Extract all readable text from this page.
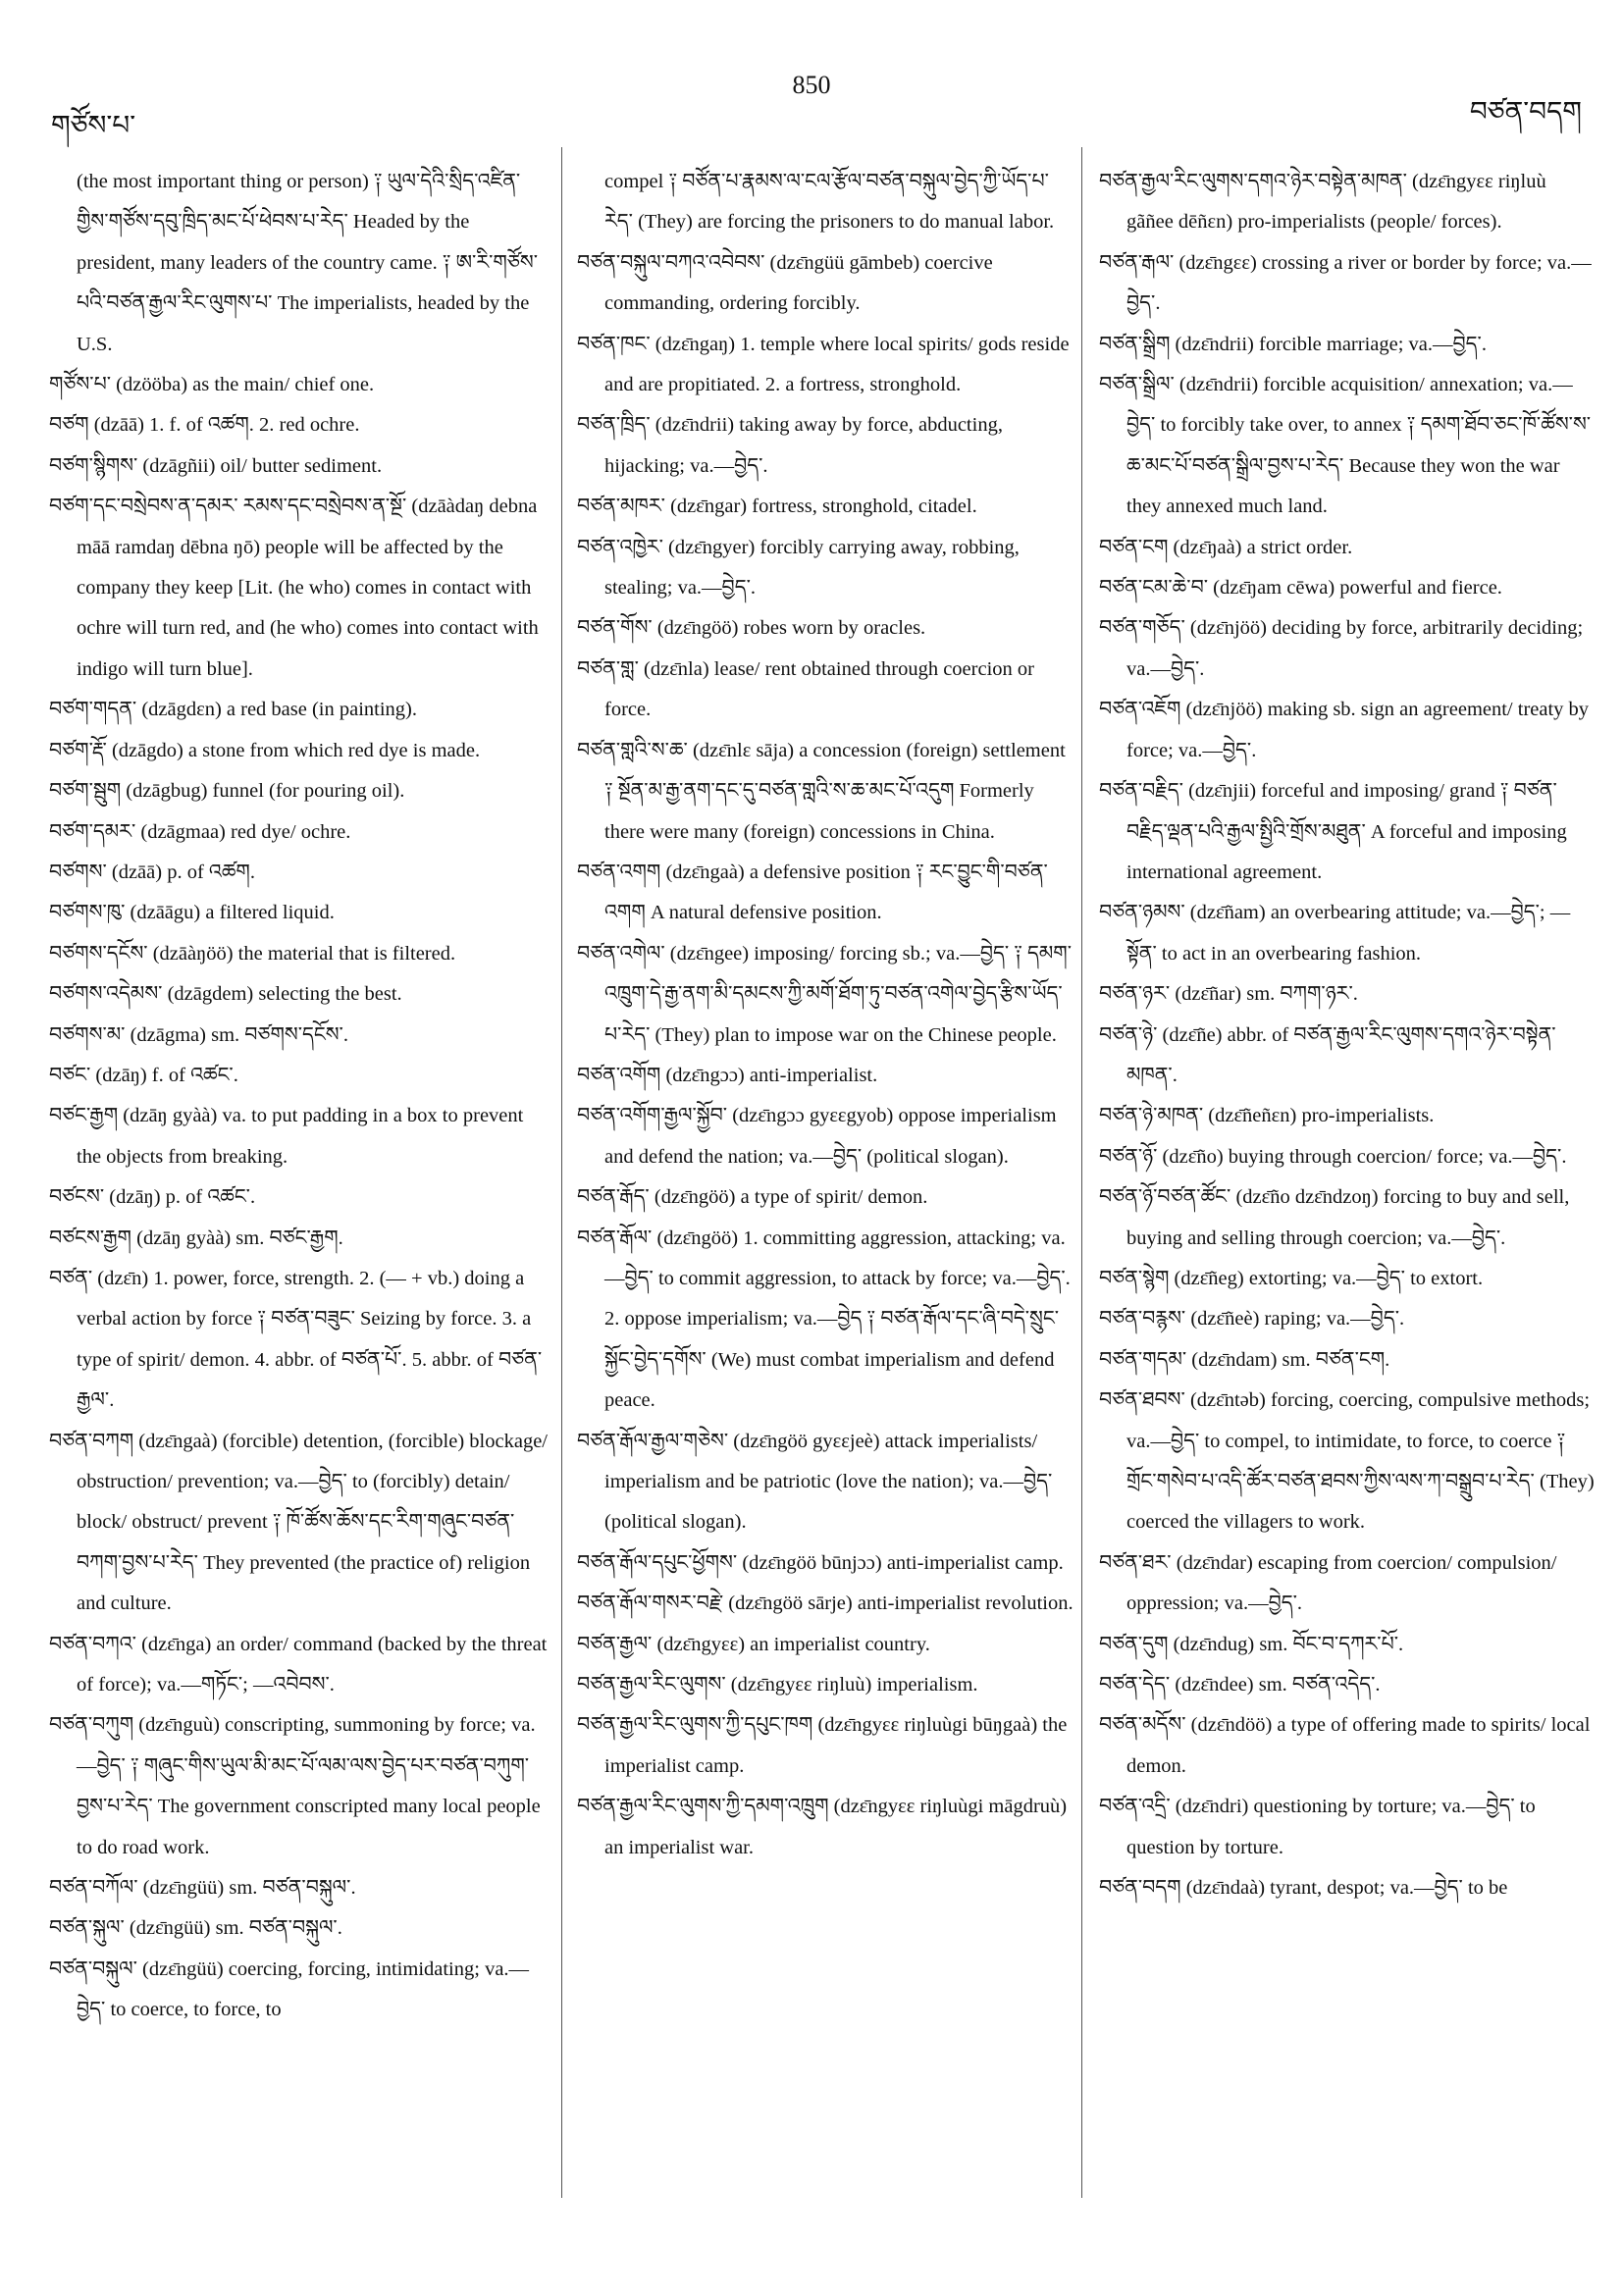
གཙོས་པ་
850
བཙན་བདག

(the most important thing or person) ༑ ཡུལ་དེའི་སྲིད་འཛིན་གྱིས་གཙོས་དབུ་ཁྲིད་མང་པོ་ཕེབས་པ་རེད་ Headed by the president, many leaders of the country came. ༑ ཨ་རི་གཙོས་པའི་བཙན་རྒྱལ་རིང་ལུགས་པ་ The imperialists, headed by the U.S.

གཙོས་པ་ (dzööba) as the main/ chief one.

བཙག (dzāā) 1. f. of འཚག. 2. red ochre.

བཙག་སྙིགས་ (dzāgñii) oil/ butter sediment.

བཙག་དང་བསྲེབས་ན་དམར་ རམས་དང་བསྲེབས་ན་སྔོ་ (dzāàdaŋ debna māā ramdaŋ dēbna ŋō) people will be affected by the company they keep [Lit. (he who) comes in contact with ochre will turn red, and (he who) comes into contact with indigo will turn blue].

བཙག་གདན་ (dzāgdɛn) a red base (in painting).

བཙག་རྡོ་ (dzāgdo) a stone from which red dye is made.

བཙག་སྦུག (dzāgbug) funnel (for pouring oil).

བཙག་དམར་ (dzāgmaa) red dye/ ochre.

བཙགས་ (dzāā) p. of འཚག.

བཙགས་ཁུ་ (dzāāgu) a filtered liquid.

བཙགས་དངོས་ (dzāàŋöö) the material that is filtered.

བཙགས་འདེམས་ (dzāgdem) selecting the best.

བཙགས་མ་ (dzāgma) sm. བཙགས་དངོས་.

བཙང་ (dzāŋ) f. of འཚང་.

བཙང་རྒྱག (dzāŋ gyàà) va. to put padding in a box to prevent the objects from breaking.

བཙངས་ (dzāŋ) p. of འཚང་.

བཙངས་རྒྱག (dzāŋ gyàà) sm. བཙང་རྒྱག.

བཙན་ (dzɛ̄n) 1. power, force, strength. 2. (— + vb.) doing a verbal action by force ༑ བཙན་བཟུང་ Seizing by force. 3. a type of spirit/ demon. 4. abbr. of བཙན་པོ་. 5. abbr. of བཙན་རྒྱལ་.

བཙན་བཀག (dzɛ̄ngaà) (forcible) detention, (forcible) blockage/ obstruction/ prevention; va.—བྱེད་ to (forcibly) detain/ block/ obstruct/ prevent ༑ ཁོ་ཚོས་ཆོས་དང་རིག་གཞུང་བཙན་བཀག་བྱས་པ་རེད་ They prevented (the practice of) religion and culture.

བཙན་བཀའ་ (dzɛ̄nga) an order/ command (backed by the threat of force); va.—གཏོང་; —འབེབས་.

བཙན་བཀུག (dzɛ̄nguù) conscripting, summoning by force; va.—བྱེད་ ༑ གཞུང་གིས་ཡུལ་མི་མང་པོ་ལམ་ལས་བྱེད་པར་བཙན་བཀུག་བྱས་པ་རེད་ The government conscripted many local people to do road work.

བཙན་བཀོལ་ (dzɛ̄ngüü) sm. བཙན་བསྐུལ་.

བཙན་སྐུལ་ (dzɛ̄ngüü) sm. བཙན་བསྐུལ་.

བཙན་བསྐུལ་ (dzɛ̄ngüü) coercing, forcing, intimidating; va.—བྱེད་ to coerce, to force, to

compel ༑ བཙོན་པ་རྣམས་ལ་ངལ་རྩོལ་བཙན་བསྐུལ་བྱེད་ཀྱི་ཡོད་པ་རེད་ (They) are forcing the prisoners to do manual labor.

བཙན་བསྐུལ་བཀའ་འབེབས་ (dzɛ̄ngüü gāmbeb) coercive commanding, ordering forcibly.

བཙན་ཁང་ (dzɛ̄ngaŋ) 1. temple where local spirits/ gods reside and are propitiated. 2. a fortress, stronghold.

བཙན་ཁྲིད་ (dzɛ̄ndrii) taking away by force, abducting, hijacking; va.—བྱེད་.

བཙན་མཁར་ (dzɛ̄ngar) fortress, stronghold, citadel.

བཙན་འཁྱེར་ (dzɛ̄ngyer) forcibly carrying away, robbing, stealing; va.—བྱེད་.

བཙན་གོས་ (dzɛ̄ngöö) robes worn by oracles.

བཙན་གླ་ (dzɛ̄nla) lease/ rent obtained through coercion or force.

བཙན་གླའི་ས་ཆ་ (dzɛ̄nlɛ sāja) a concession (foreign) settlement ༑ སྔོན་མ་རྒྱ་ནག་དང་དུ་བཙན་གླའི་ས་ཆ་མང་པོ་འདུག Formerly there were many (foreign) concessions in China.

བཙན་འགག (dzɛ̄ngaà) a defensive position ༑ རང་བྱུང་གི་བཙན་འགག A natural defensive position.

བཙན་འགེལ་ (dzɛ̄ngee) imposing/ forcing sb.; va.—བྱེད་ ༑ དམག་འཁྲུག་དེ་རྒྱ་ནག་མི་དམངས་ཀྱི་མགོ་ཐོག་ཏུ་བཙན་འགེལ་བྱེད་རྩིས་ཡོད་པ་རེད་ (They) plan to impose war on the Chinese people.

བཙན་འགོག (dzɛ̄ngɔɔ) anti-imperialist.

བཙན་འགོག་རྒྱལ་སྐྱོབ་ (dzɛ̄ngɔɔ gyɛɛgyob) oppose imperialism and defend the nation; va.—བྱེད་ (political slogan).

བཙན་རྒོད་ (dzɛ̄ngöö) a type of spirit/ demon.

བཙན་རྒོལ་ (dzɛ̄ngöö) 1. committing aggression, attacking; va.—བྱེད་ to commit aggression, to attack by force; va.—བྱེད་. 2. oppose imperialism; va.—བྱེད ༑ བཙན་རྒོལ་དང་ཞི་བདེ་སྲུང་སྐྱོང་བྱེད་དགོས་ (We) must combat imperialism and defend peace.

བཙན་རྒོལ་རྒྱལ་གཅེས་ (dzɛ̄ngöö gyɛɛjeè) attack imperialists/ imperialism and be patriotic (love the nation); va.—བྱེད་ (political slogan).

བཙན་རྒོལ་དཔུང་ཕྱོགས་ (dzɛ̄ngöö būnjɔɔ) anti-imperialist camp.

བཙན་རྒོལ་གསར་བརྗེ་ (dzɛ̄ngöö sārje) anti-imperialist revolution.

བཙན་རྒྱལ་ (dzɛ̄ngyɛɛ) an imperialist country.

བཙན་རྒྱལ་རིང་ལུགས་ (dzɛ̄ngyɛɛ riŋluù) imperialism.

བཙན་རྒྱལ་རིང་ལུགས་ཀྱི་དཔུང་ཁག (dzɛ̄ngyɛɛ riŋluùgi būŋgaà) the imperialist camp.

བཙན་རྒྱལ་རིང་ལུགས་ཀྱི་དམག་འཁྲུག (dzɛ̄ngyɛɛ riŋluùgi māgdruù) an imperialist war.

བཙན་རྒྱལ་རིང་ལུགས་དགའ་ཉེར་བསྟེན་མཁན་ (dzɛ̄ngyɛɛ riŋluù gãñee dēñɛn) pro-imperialists (people/ forces).

བཙན་རྒལ་ (dzɛ̄ngɛɛ) crossing a river or border by force; va.—བྱེད་.

བཙན་སྒྲིག (dzɛ̄ndrii) forcible marriage; va.—བྱེད་.

བཙན་སྒྲིལ་ (dzɛ̄ndrii) forcible acquisition/ annexation; va.—བྱེད་ to forcibly take over, to annex ༑ དམག་ཐོབ་ཅང་ཁོ་ཚོས་ས་ཆ་མང་པོ་བཙན་སྒྲིལ་བྱས་པ་རེད་ Because they won the war they annexed much land.

བཙན་ངག (dzɛ̄ŋaà) a strict order.

བཙན་ངམ་ཆེ་བ་ (dzɛ̄ŋam cēwa) powerful and fierce.

བཙན་གཅོད་ (dzɛ̄njöö) deciding by force, arbitrarily deciding; va.—བྱེད་.

བཙན་འཇོག (dzɛ̄njöö) making sb. sign an agreement/ treaty by force; va.—བྱེད་.

བཙན་བརྗིད་ (dzɛ̄njii) forceful and imposing/ grand ༑ བཙན་བརྗིད་ལྡན་པའི་རྒྱལ་སྤྱིའི་གྲོས་མཐུན་ A forceful and imposing international agreement.

བཙན་ཉམས་ (dzɛ̄ñam) an overbearing attitude; va.—བྱེད་; —སྟོན་ to act in an overbearing fashion.

བཙན་ཉར་ (dzɛ̄ñar) sm. བཀག་ཉར་.

བཙན་ཉེ་ (dzɛ̄ñe) abbr. of བཙན་རྒྱལ་རིང་ལུགས་དགའ་ཉེར་བསྟེན་མཁན་.

བཙན་ཉེ་མཁན་ (dzɛ̄ñeñɛn) pro-imperialists.

བཙན་ཉོ་ (dzɛ̄ño) buying through coercion/ force; va.—བྱེད་.

བཙན་ཉོ་བཙན་ཚོང་ (dzɛ̄ño dzɛ̄ndzoŋ) forcing to buy and sell, buying and selling through coercion; va.—བྱེད་.

བཙན་སྙེག (dzɛ̄ñeg) extorting; va.—བྱེད་ to extort.

བཙན་བརྙས་ (dzɛ̄ñeè) raping; va.—བྱེད་.

བཙན་གདམ་ (dzɛ̄ndam) sm. བཙན་ངག.

བཙན་ཐབས་ (dzɛ̄ntəb) forcing, coercing, compulsive methods; va.—བྱེད་ to compel, to intimidate, to force, to coerce ༑ གྲོང་གསེབ་པ་འདི་ཚོར་བཙན་ཐབས་ཀྱིས་ལས་ཀ་བསྒྲུབ་པ་རེད་ (They) coerced the villagers to work.

བཙན་ཐར་ (dzɛ̄ndar) escaping from coercion/ compulsion/ oppression; va.—བྱེད་.

བཙན་དུག (dzɛ̄ndug) sm. བོང་བ་དཀར་པོ་.

བཙན་དེད་ (dzɛ̄ndee) sm. བཙན་འདེད་.

བཙན་མདོས་ (dzɛ̄ndöö) a type of offering made to spirits/ local demon.

བཙན་འདྲི་ (dzɛ̄ndri) questioning by torture; va.—བྱེད་ to question by torture.

བཙན་བདག (dzɛ̄ndaà) tyrant, despot; va.—བྱེད་ to be
